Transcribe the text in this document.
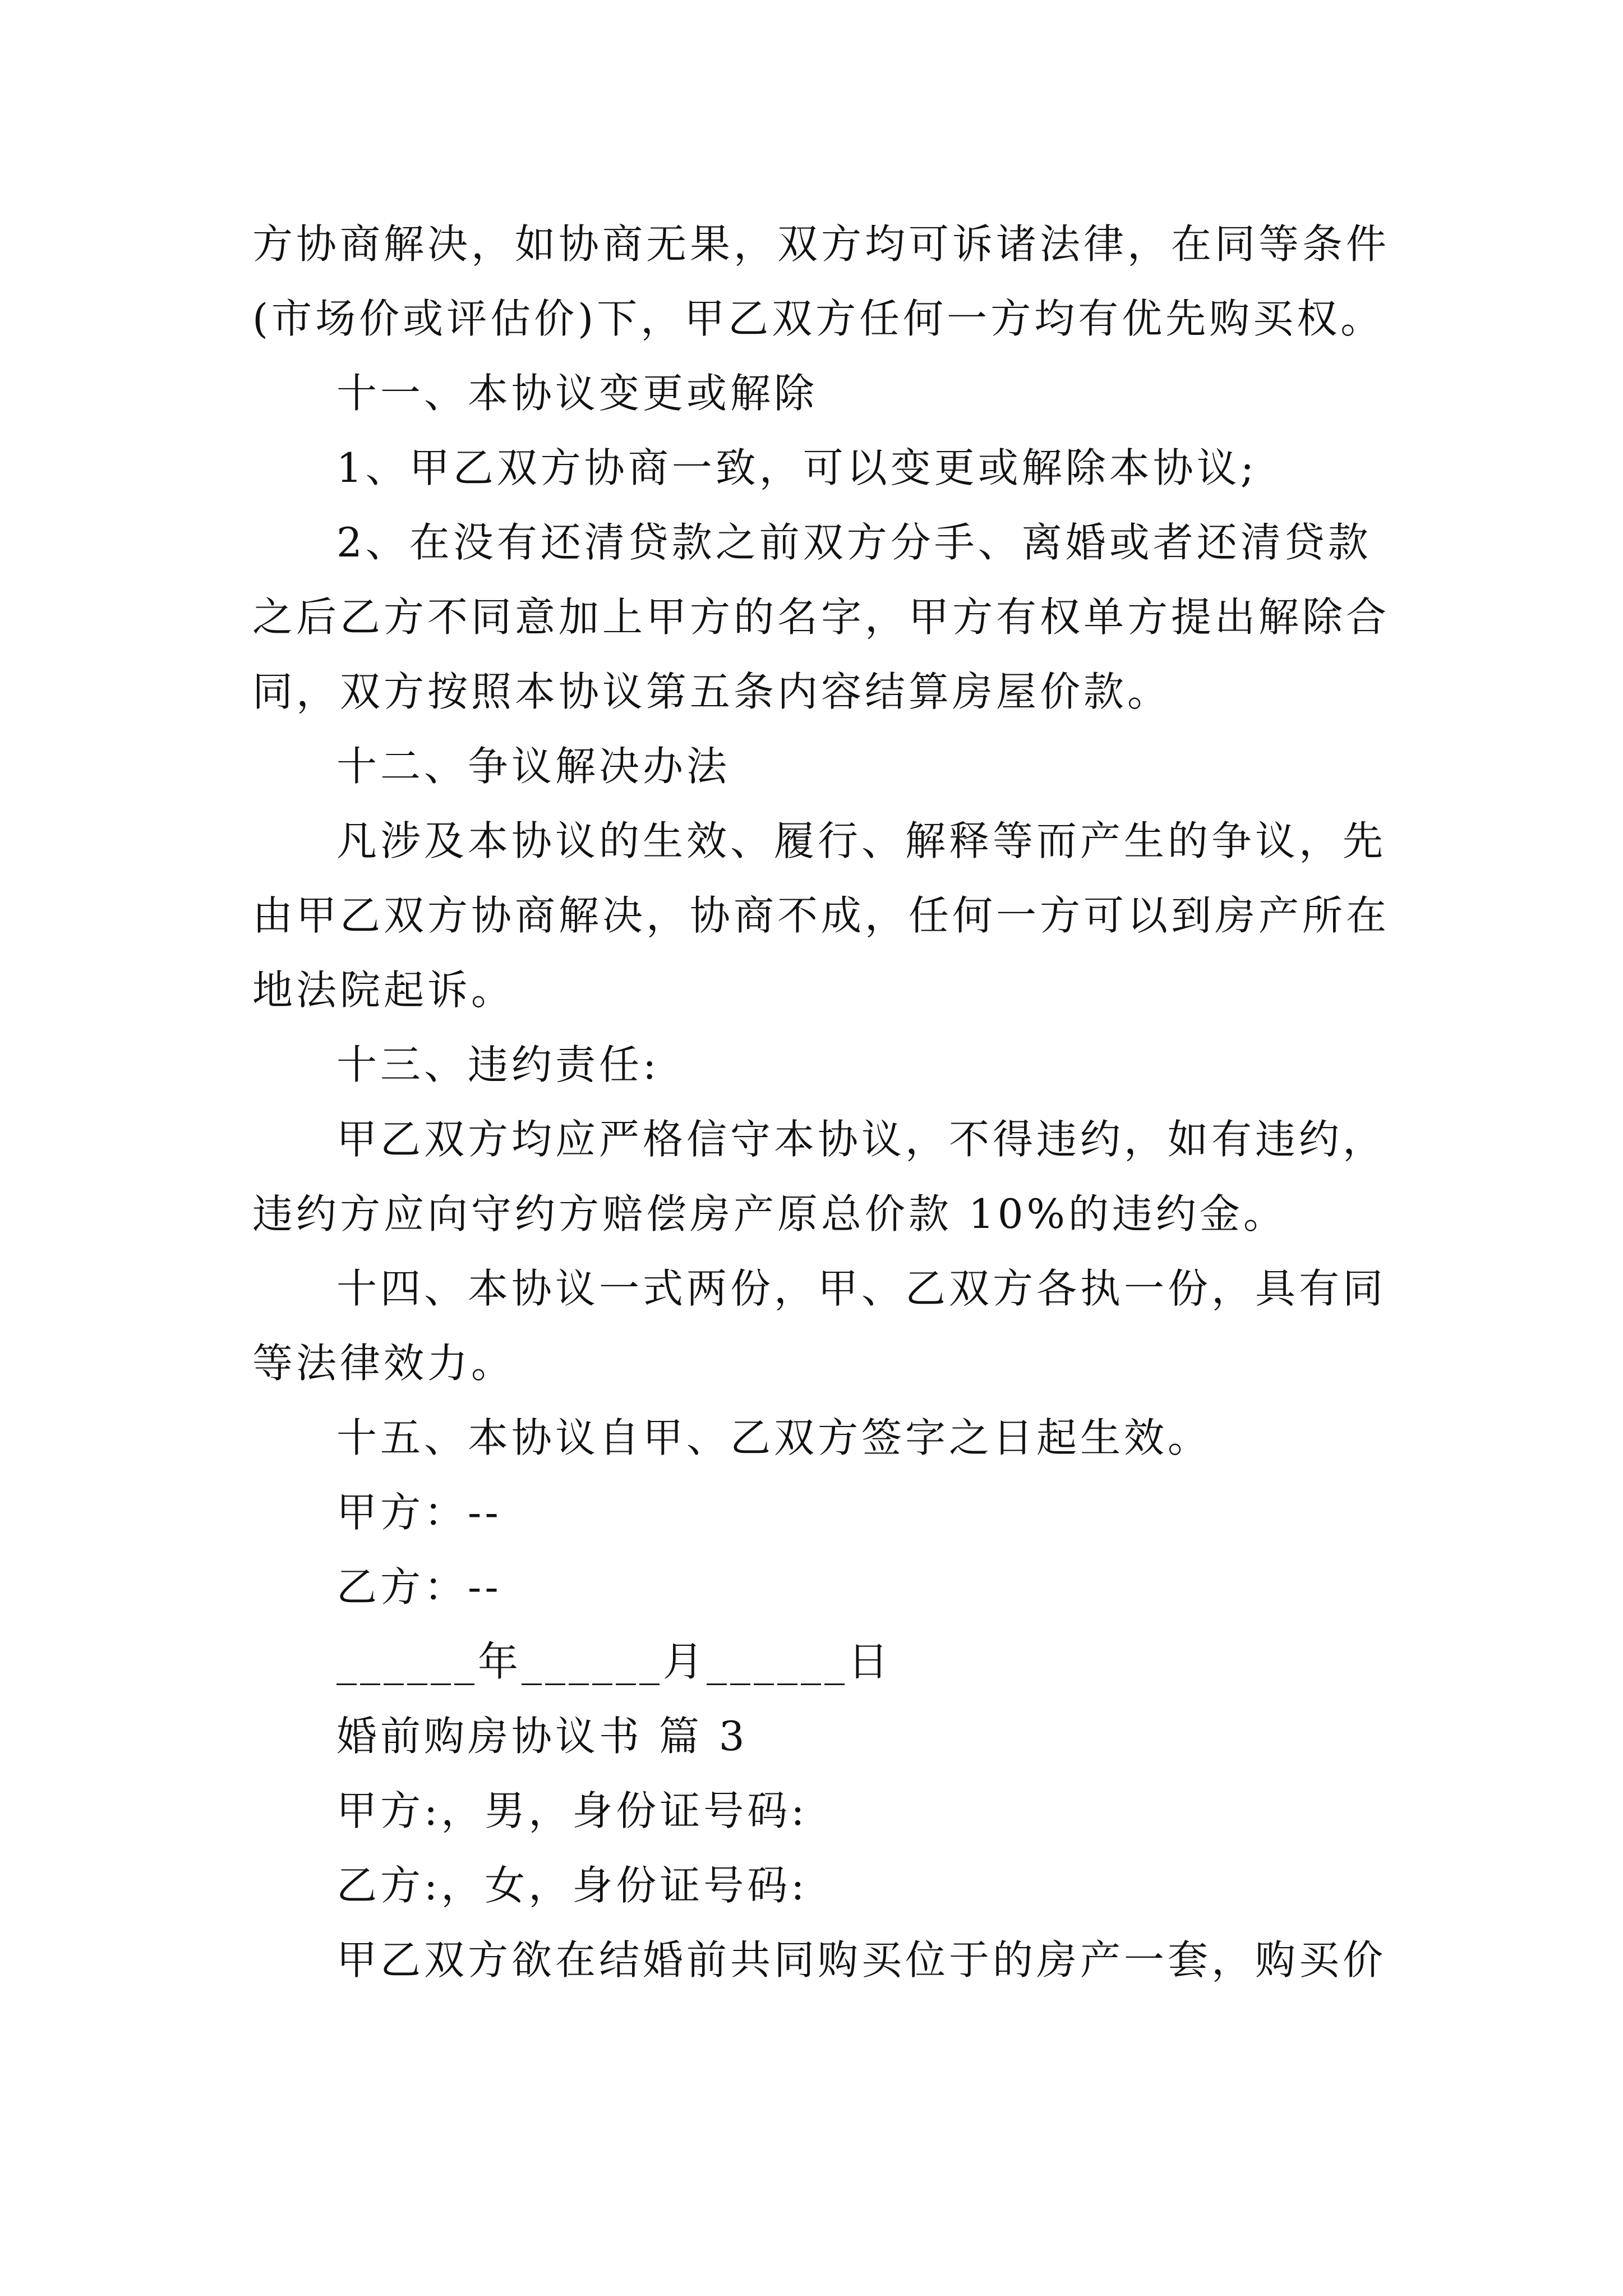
方协商解决，如协商无果，双方均可诉诸法律，在同等条件
(市场价或评估价)下，甲乙双方任何一方均有优先购买权。
十一、本协议变更或解除
1、甲乙双方协商一致，可以变更或解除本协议;
2、在没有还清贷款之前双方分手、离婚或者还清贷款
之后乙方不同意加上甲方的名字，甲方有权单方提出解除合
同，双方按照本协议第五条内容结算房屋价款。
十二、争议解决办法
凡涉及本协议的生效、履行、解释等而产生的争议，先
由甲乙双方协商解决，协商不成，任何一方可以到房产所在
地法院起诉。
十三、违约责任:
甲乙双方均应严格信守本协议，不得违约，如有违约，
违约方应向守约方赔偿房产原总价款 10%的违约金。
十四、本协议一式两份，甲、乙双方各执一份，具有同
等法律效力。
十五、本协议自甲、乙双方签字之日起生效。
甲方：--
乙方：--
______年______月______日
婚前购房协议书 篇 3
甲方:，男，身份证号码:
乙方:，女，身份证号码:
甲乙双方欲在结婚前共同购买位于的房产一套，购买价
